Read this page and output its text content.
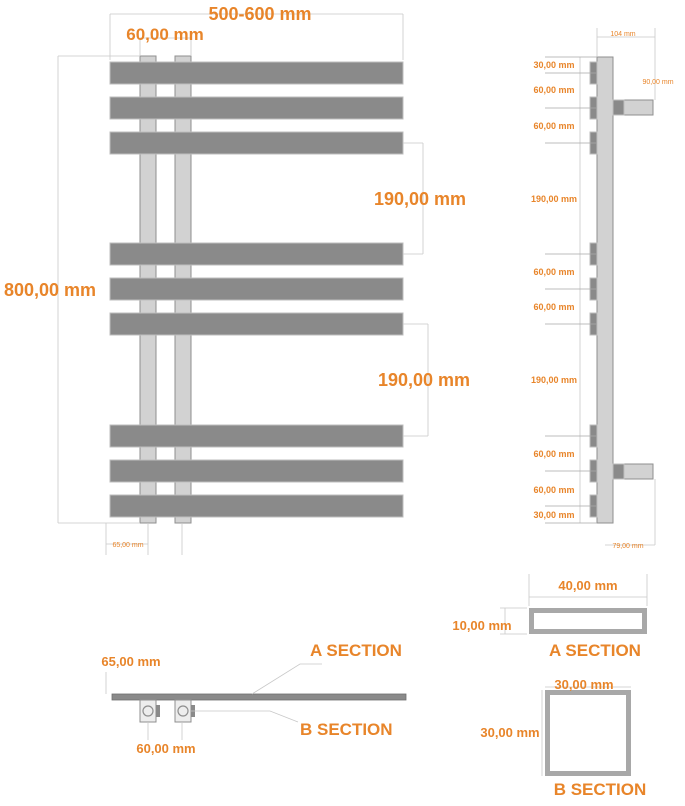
500-600 mm
60,00 mm
800,00 mm
190,00 mm
190,00 mm
65,00 mm
104 mm
90,00 mm
79,00 mm
30,00 mm
60,00 mm
60,00 mm
190,00 mm
60,00 mm
60,00 mm
190,00 mm
60,00 mm
60,00 mm
30,00 mm
65,00 mm
60,00 mm
A SECTION
B SECTION
40,00 mm
10,00 mm
A SECTION
30,00 mm
30,00 mm
B SECTION
